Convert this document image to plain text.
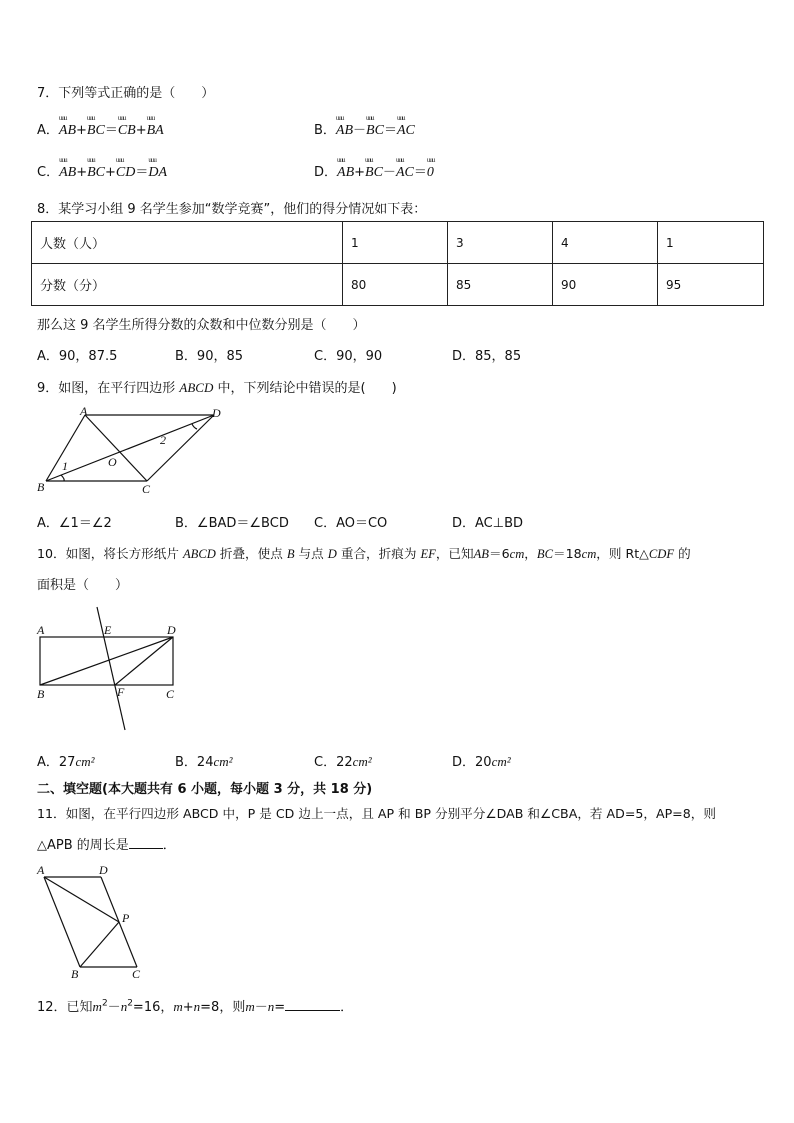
7．下列等式正确的是（　　）
A．uuu AB+uuu BC＝uuu CB+uuu BA	B．uuu AB－uuu BC＝uuu AC
C．uuu AB+uuu BC+uuu CD＝uuu DA	D．uuu AB+uuu BC－uuu AC＝uuu 0
8．某学习小组 9 名学生参加“数学竞赛”，他们的得分情况如下表：
人数（人）	1	3	4	1
分数（分）	80	85	90	95
那么这 9 名学生所得分数的众数和中位数分别是（　　）
A．90，87.5	B．90，85	C．90，90	D．85，85
9．如图，在平行四边形 ABCD 中，下列结论中错误的是(　　)
A	D
B	C
O
1
2
A．∠1＝∠2	B．∠BAD＝∠BCD C．AO＝CO	D．AC⊥BD
10．如图，将长方形纸片 ABCD 折叠，使点 B 与点 D 重合，折痕为 EF，已知AB＝6cm，BC＝18cm，则 Rt△CDF 的
面积是（　　）
A	E	D
B	F	C
A．27cm²	B．24cm²	C．22cm²	D．20cm²
二、填空题(本大题共有 6 小题，每小题 3 分，共 18 分)
11．如图，在平行四边形 ABCD 中，P 是 CD 边上一点，且 AP 和 BP 分别平分∠DAB 和∠CBA，若 AD=5，AP=8，则
△APB 的周长是	．
A	D
P
B	C
12．已知$m^2-n^2=16$，m+n=8，则m－n=	．
